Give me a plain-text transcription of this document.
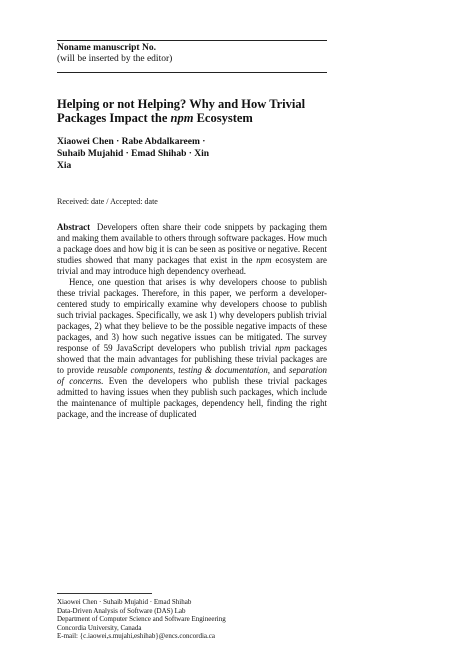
Noname manuscript No.
(will be inserted by the editor)
Helping or not Helping? Why and How Trivial
Packages Impact the npm Ecosystem
Xiaowei Chen · Rabe Abdalkareem ·
Suhaib Mujahid · Emad Shihab · Xin
Xia
Received: date / Accepted: date

Abstract Developers often share their code snippets by packaging them and making them available to others through software packages. How much a package does and how big it is can be seen as positive or negative. Recent studies showed that many packages that exist in the npm ecosystem are trivial and may introduce high dependency overhead.

Hence, one question that arises is why developers choose to publish these trivial packages. Therefore, in this paper, we perform a developer-centered study to empirically examine why developers choose to publish such trivial packages. Specifically, we ask 1) why developers publish trivial packages, 2) what they believe to be the possible negative impacts of these packages, and 3) how such negative issues can be mitigated. The survey response of 59 JavaScript developers who publish trivial npm packages showed that the main advantages for publishing these trivial packages are to provide reusable components, testing & documentation, and separation of concerns. Even the developers who publish these trivial packages admitted to having issues when they publish such packages, which include the maintenance of multiple packages, dependency hell, finding the right package, and the increase of duplicated

Xiaowei Chen · Suhaib Mujahid · Emad Shihab
Data-Driven Analysis of Software (DAS) Lab
Department of Computer Science and Software Engineering
Concordia University, Canada
E-mail: {c.iaowei,s.mujahi,eshihab}@encs.concordia.ca
